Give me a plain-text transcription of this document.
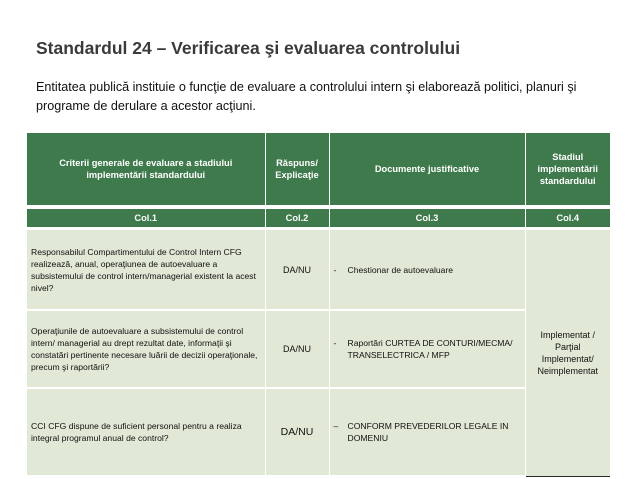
Standardul 24 – Verificarea şi evaluarea controlului
Entitatea publică instituie o funcţie de evaluare a controlului intern şi elaborează politici, planuri şi programe de derulare a acestor acţiuni.
Criterii generale de evaluare a stadiului implementării standardului	Răspuns/ Explicaţie	Documente justificative	Stadiul implementării standardului

Col.1	Col.2	Col.3	Col.4

Responsabilul Compartimentului de Control Intern CFG realizează, anual, operaţiunea de autoevaluare a subsistemului de control intern/managerial existent la acest nivel?	DA/NU	- Chestionar de autoevaluare	Implementat / Parţial Implementat/ Neimplementat

Operaţiunile de autoevaluare a subsistemului de control intern/ managerial au drept rezultat date, informaţii şi constatări pertinente necesare luării de decizii operaţionale, precum şi raportării?	DA/NU	- Raportări CURTEA DE CONTURI/MECMA/ TRANSELECTRICA / MFP	

CCI CFG dispune de suficient personal pentru a realiza integral programul anual de control?	DA/NU	– CONFORM PREVEDERILOR LEGALE IN DOMENIU	
